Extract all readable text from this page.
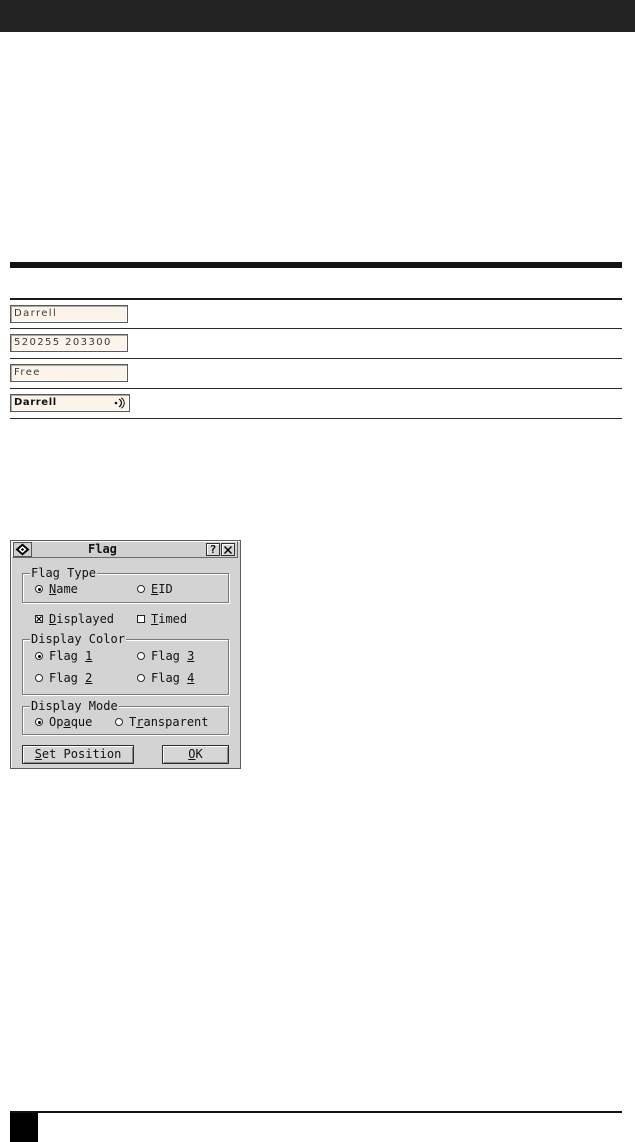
Darrell
520255 203300
Free
Darrell
Flag	?
Flag Type
Name	EID
Displayed	Timed
Display Color
Flag 1	Flag 3
Flag 2	Flag 4
Display Mode
Opaque	Transparent
Set Position	OK
